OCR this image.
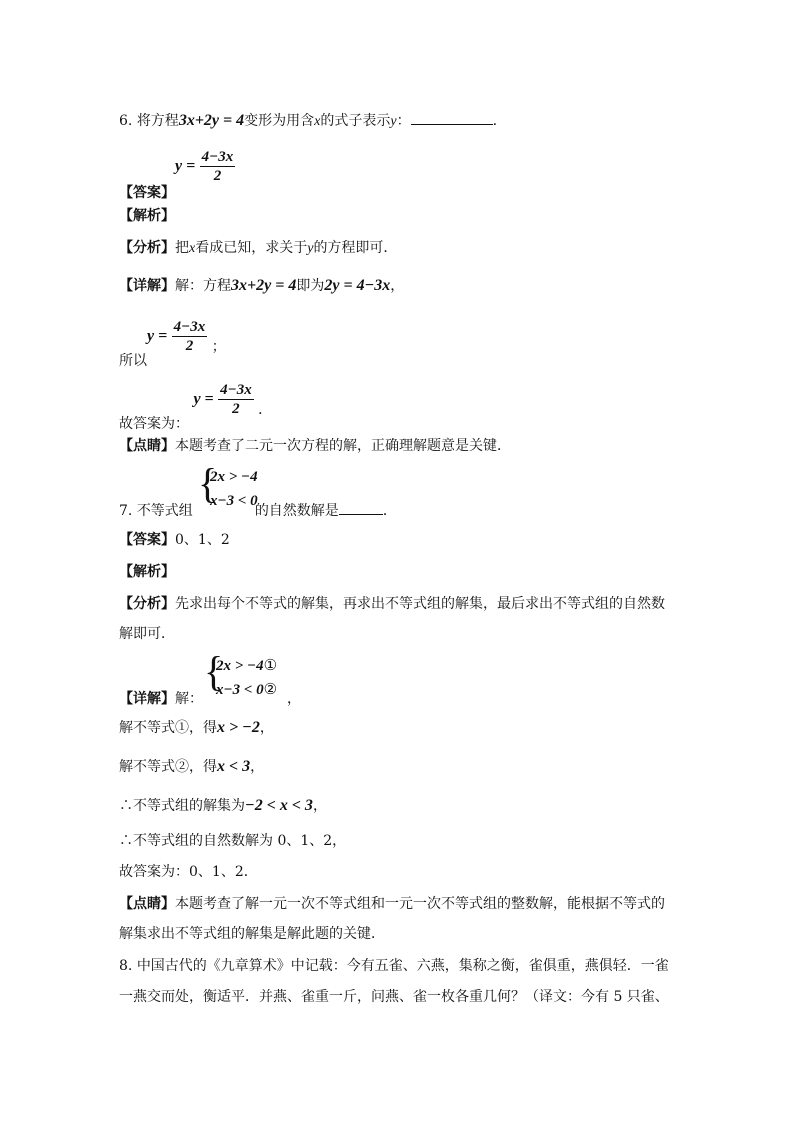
6. 将方程3x+2y = 4变形为用含x的式子表示y：	.
【答案】$y = \frac{4-3x}{2}$
【解析】
【分析】把x看成已知，求关于y的方程即可．
【详解】解：方程3x+2y = 4即为2y = 4−3x，
所以$y = \frac{4-3x}{2}$ ；
故答案为： $y = \frac{4-3x}{2}$ ．
【点睛】本题考查了二元一次方程的解，正确理解题意是关键．
7. 不等式组	的自然数解是	．
{
2x > −4
x−3 < 0
【答案】0、1、2
【解析】
【分析】先求出每个不等式的解集，再求出不等式组的解集，最后求出不等式组的自然数
解即可．
【详解】解：	，
{
2x > −4①
x−3 < 0②
解不等式①，得x > −2，
解不等式②，得x < 3，
∴不等式组的解集为−2 < x < 3，
∴不等式组的自然数解为 0、1、2，
故答案为：0、1、2．
【点睛】本题考查了解一元一次不等式组和一元一次不等式组的整数解，能根据不等式的
解集求出不等式组的解集是解此题的关键．
8. 中国古代的《九章算术》中记载：今有五雀、六燕，集称之衡，雀俱重，燕俱轻．一雀
一燕交而处，衡适平．并燕、雀重一斤，问燕、雀一枚各重几何？（译文：今有 5 只雀、
